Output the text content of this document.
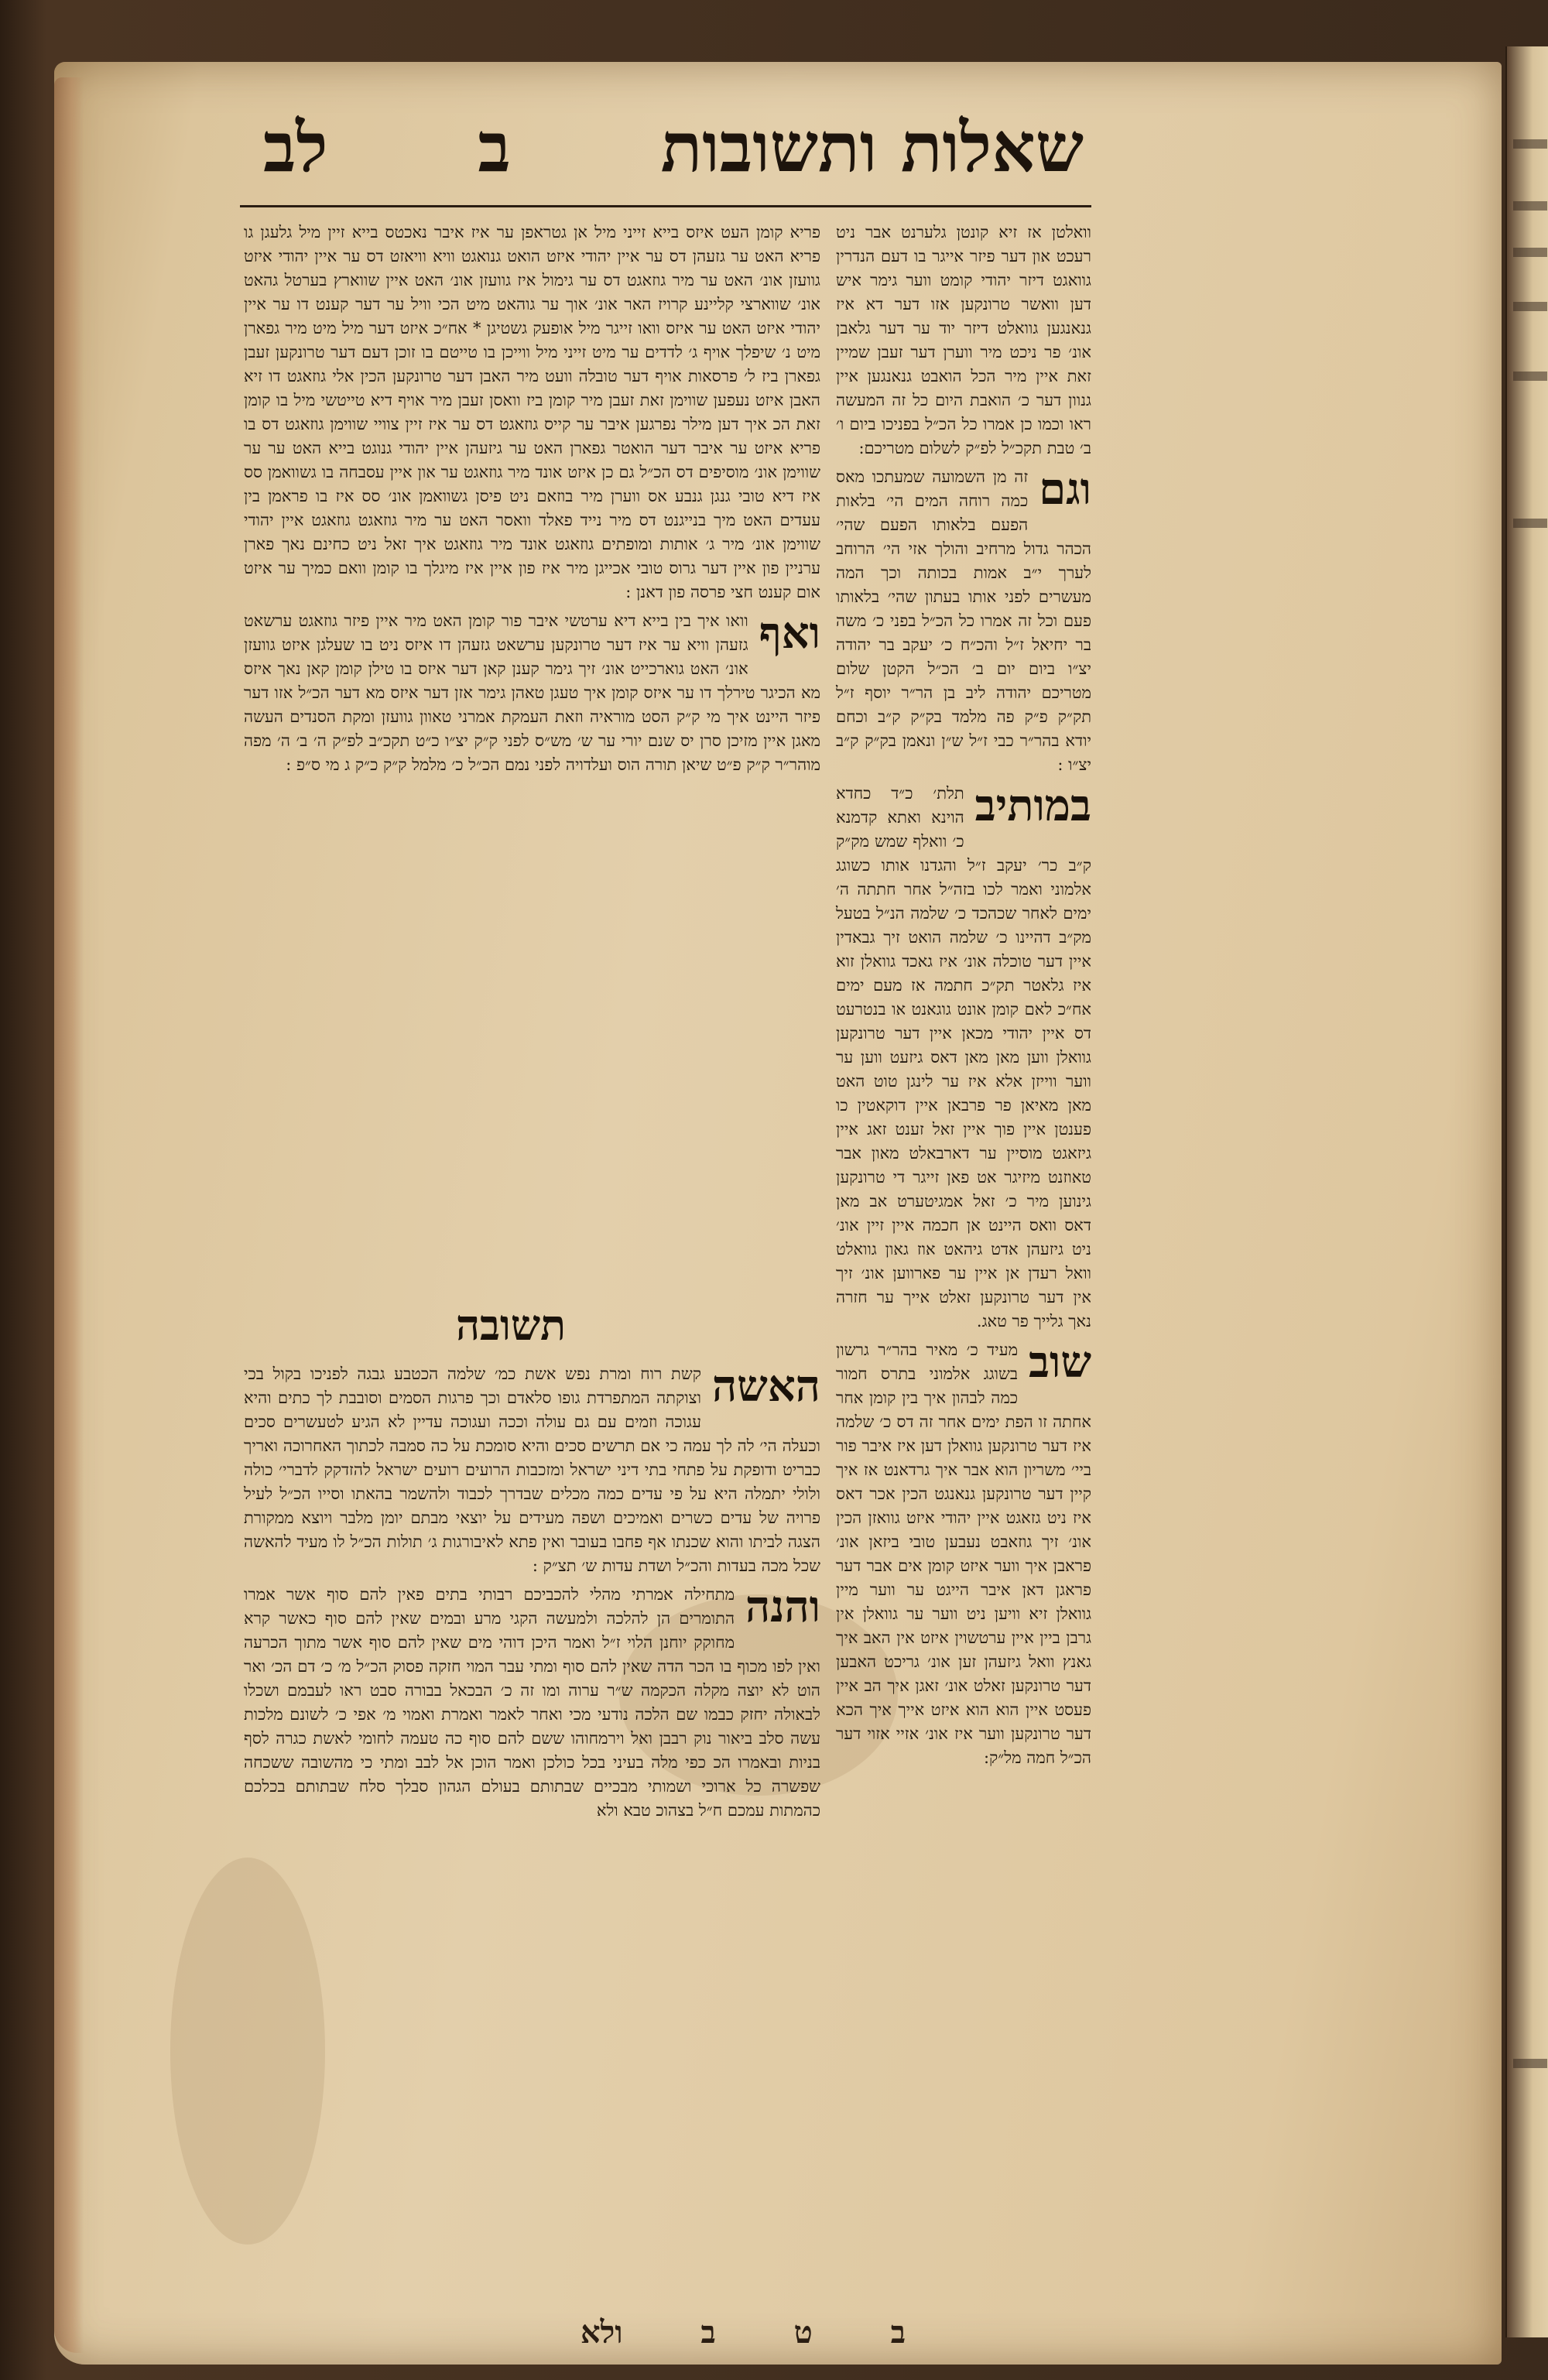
שאלות ותשובות
ב
לב

וואלטן אז זיא קונטן גלערנט אבר ניט רעכט און דער פיזר אייגר בו דעם הנדרין גוואגט דיזר יהודי קומט ווער גימר איש דען וואשר טרונקען אזו דער דא איז גנאנגען גוואלט דיזר יוד ער דער גלאבן אונ׳ פר ניכט מיר ווערן דער זעבן שמיין זאת איין מיר הכל הואבט גנאנגען איין גנוון דער כ׳ הואבת היום כל זה המעשה ראו וכמו כן אמרו כל הכ״ל בפניכו ביום ו׳ ב׳ טבת תקכ״ל לפ״ק לשלום מטריכם:

וגם
זה מן השמועה שמעתכו מאס כמה רוחה המים הי׳ בלאות הפעם בלאותו הפעם שהי׳ הכהר גדול מרחיב והולך אזי הי׳ הרוחב לערך י״ב אמות בכותה וכך המה מעשרים לפני אותו בעתון שהי׳ בלאותו פעם וכל זה אמרו כל הכ״ל בפני כ׳ משה בר יחיאל ז״ל והכ״ח כ׳ יעקב בר יהודה יצ״ו ביום יום ב׳ הכ״ל הקטן שלום מטריכם יהודה ליב בן הר״ר יוסף ז״ל תק״ק פ״ק פה מלמד בק״ק ק״ב וכחם יודא בהר״ר כבי ז״ל ש״ן ונאמן בק״ק ק״ב יצ״ו :
במותיב
תלת׳ כ״ד כחדא הוינא ואתא קדמנא כ׳ וואלף שמש מק״ק ק״ב כר׳ יעקב ז״ל והגדנו אותו כשוגג אלמוני ואמר לכו בזה״ל אחר חתתה ה׳ ימים לאחר שכהכד כ׳ שלמה הנ״ל בטעל מק״ב דהיינו כ׳ שלמה הואט זיך גבאדין איין דער טוכלה אונ׳ איז גאכד גוואלן זוא איז גלאטר תק״כ חתמה אז מעם ימים אח״כ לאם קומן אונט גוגאנט או בנטרעט דס איין יהודי מכאן איין דער טרונקען גוואלן ווען מאן מאן דאס גיזעט ווען ער ווער ווייזן אלא איז ער לינגן טוט האט מאן מאיאן פר פרבאן איין דוקאטין כו פענטן איין פוך איין זאל זענט זאג איין גיזאגט מוסיין ער דארבאלט מאון אבר טאוזנט מיזיגר אט פאן זייגר די טרונקען גינוען מיר כ׳ זאל אמגיטערט אב מאן דאס וואס היינט אן חכמה איין זיין אונ׳ ניט גיזעהן אדט גיהאט אוז גאון גוואלט וואל רעדן אן איין ער פארווען אונ׳ זיך אין דער טרונקען זאלט אייך ער חזרה נאך גלייך פר טאג.
שוב
מעיד כ׳ מאיר בהר״ר גרשון בשוגג אלמוני בתרס חמור כמה לבהון איך בין קומן אחר אחתה זו הפת ימים אחר זה דס כ׳ שלמה איז דער טרונקען גוואלן דען איז איבר פור ביי׳ משריון הוא אבר איך גרדאנט אז איך קיין דער טרונקען גנאנגט הכין אכר דאס איז ניט גזאגט איין יהודי איזט גוואזן הכין אונ׳ זיך גוזאבט נעבען טובי ביזאן אונ׳ פראבן איך ווער איזט קומן אים אבר דער פראגן דאן איבר הייגט ער ווער מיין גוואלן זיא וויען ניט ווער ער גוואלן אין גרבן ביין איין ערטשוין איזט אין האב איך גאנץ וואל גיזעהן זען אונ׳ גריכט האבען דער טרונקען זאלט אונ׳ זאגן איך הב איין פעסט איין הוא הוא איזט אייך איך הכא דער טרונקען ווער איז אונ׳ אזיי אזוי דער הכ״ל חמה מל״ק:

פריא קומן העט איזס בייא זייני מיל אן גטראפן ער איז איבר נאכטס בייא זיין מיל גלעגן גו פריא האט ער גזעהן דס ער איין יהודי איזט הואט גנואגט וויא וויאזט דס ער איין יהודי איזט גוועזן אונ׳ האט ער מיר גוזאגט דס ער גימול איז גוועזן אונ׳ האט איין שווארץ בערטל גהאט אונ׳ שווארצי קליינע קרויז האר אונ׳ אוך ער גוהאט מיט הכי וויל ער דער קענט דו ער איין יהודי איזט האט ער איזס וואו זייגר מיל אופעק גשטיגן * אח״כ איזט דער מיל מיט מיר גפארן מיט נ׳ שיפלך אויף ג׳ לדדים ער מיט זייני מיל ווייכן בו טייטם בו זוכן דעם דער טרונקען זעבן גפארן ביז ל׳ פרסאות אויף דער טובלה וועט מיר האבן דער טרונקען הכין אלי גוזאגט דו זיא האבן איזט נעפען שווימן זאת זעבן מיר קומן ביז וואסן זעבן מיר אויף דיא טייטשי מיל בו קומן זאת הכ איך דען מילר נפרגען איבר ער קייס גוזאגט דס ער איז זיין צוויי שווימן גוזאגט דס בו פריא איזט ער איבר דער הואטר גפארן האט ער גיזעהן איין יהודי גנוגט בייא האט ער ער שווימן אונ׳ מוסיפים דס הכ״ל גם כן איזט אונד מיר גוזאגט ער און איין עסבחה בו גשוואמן סס איז דיא טובי גנגן גנבע אס ווערן מיר בוזאם ניט פיסן גשוואמן אונ׳ סס איז בו פראמן בין עעדים האט מיך בנייגנט דס מיר נייד פאלד וואסר האט ער מיר גוזאגט גוזאגט איין יהודי שווימן אונ׳ מיר ג׳ אותות ומופתים גוזאגט אונד מיר גוזאגט איך זאל ניט כחינם נאך פארן ערניין פון איין דער גרוס טובי אכייגן מיר איז פון איין איז מיגלך בו קומן וואם כמיך ער איזט אום קענט חצי פרסה פון דאנן :

ואף
וואו איך בין בייא דיא ערטשי איבר פור קומן האט מיר איין פיזר גוזאגט ערשאט גזעהן וויא ער איז דער טרונקען ערשאט גזעהן דו איזס ניט בו שעלגן איזט גוועזן אונ׳ האט גוארכייט אונ׳ זיך גימר קענן קאן דער איזס בו טילן קומן קאן נאך איזס מא הכיגר טירלך דו ער איזס קומן איך טעגן טאהן גימר אזן דער איזס מא דער הכ״ל אזו דער פיזר היינט איך מי ק״ק הסט מוראיה וזאת העמקת אמרני טאוון גוועזן ומקת הסנדים העשה מאגן איין מזיכן סרן יס שנם יורי ער ש׳ מש״ס לפני ק״ק יצ״ו כ״ט תקכ״ב לפ״ק ה׳ ב׳ ה׳ מפה מוהר״ר ק״ק פ״ט שיאן תורה הוס ועלדויה לפני נמם הכ״ל כ׳ מלמל ק״ק כ״ק ג מי ס״פ :
תשובה
האשה
קשת רוח ומרת נפש אשת כמ׳ שלמה הכטבע גבגה לפניכו בקול בכי וצוקתה המתפרדת גופו סלאדם וכך פרגות הסמים וסובבת לך כתים והיא עגוכה וזמים עם גם עולה וככה ועגוכה עדיין לא הגיע לטעשרים סכים וכעלה הי׳ לה לך עמה כי אם תרשים סכים והיא סומכת על כה סמבה לכתוך האחרוכה ואריך כבריט ודופקת על פתחי בתי דיני ישראל ומזכבות הרועים רועים ישראל להזדקק לדברי׳ כולה ולולי יתמלה היא על פי עדים כמה מכלים שבדרך לכבוד ולהשמר בהאתו וסייו הכ״ל לעיל פרויה של עדים כשרים ואמיכים ושפה מעידים על יוצאי מבתם יומן מלבר ויוצא ממקורת הצגה לביתו והוא שכנתו אף פחבו בעובר ואין פתא לאיבורגות ג׳ תולות הכ״ל לו מעיד להאשה שכל מכה בעדות והכ״ל ושדת עדות ש׳ תצ״ק :
והנה
מתחילה אמרתי מהלי להכביכם רבותי בתים פאין להם סוף אשר אמרו התומרים הן להלכה ולמעשה הקגי מרע ובמים שאין להם סוף כאשר קרא מחוקק יוחנן הלוי ז״ל ואמר היכן דוהי מים שאין להם סוף אשר מתוך הכרעה ואין לפו מכוף בו הכר הדה שאין להם סוף ומתי עבר המוי חזקה פסוק הכ״ל מ׳ כ׳ דם הכ׳ ואר הוט לא יוצה מקלה הכקמה ש״ר ערוה ומו זה כ׳ הבכאל בבורה סבט ראו לעבמם ושכלו לבאולה יחזק כבמו שם הלכה נודעי מכי ואחר לאמר ואמרת ואמוי מ׳ אפי כ׳ לשונם מלכות עשה סלב ביאור נוק רבבן ואל וירמחוהו ששם להם סוף כה טעמה לחומי לאשת כגרה לסף בניות ובאמרו הכ כפי מלה בעיני בכל כולכן ואמר הוכן אל לבב ומתי כי מהשובה ששכחה שפשרה כל ארוכי ושמותי מבכיים שבתותם בעולם הגהון סבלך סלח שבתותם בכלכם כהמתות עמכם ח״ל בצהוכ טבא ולא
ב
ט
ב
ולא
